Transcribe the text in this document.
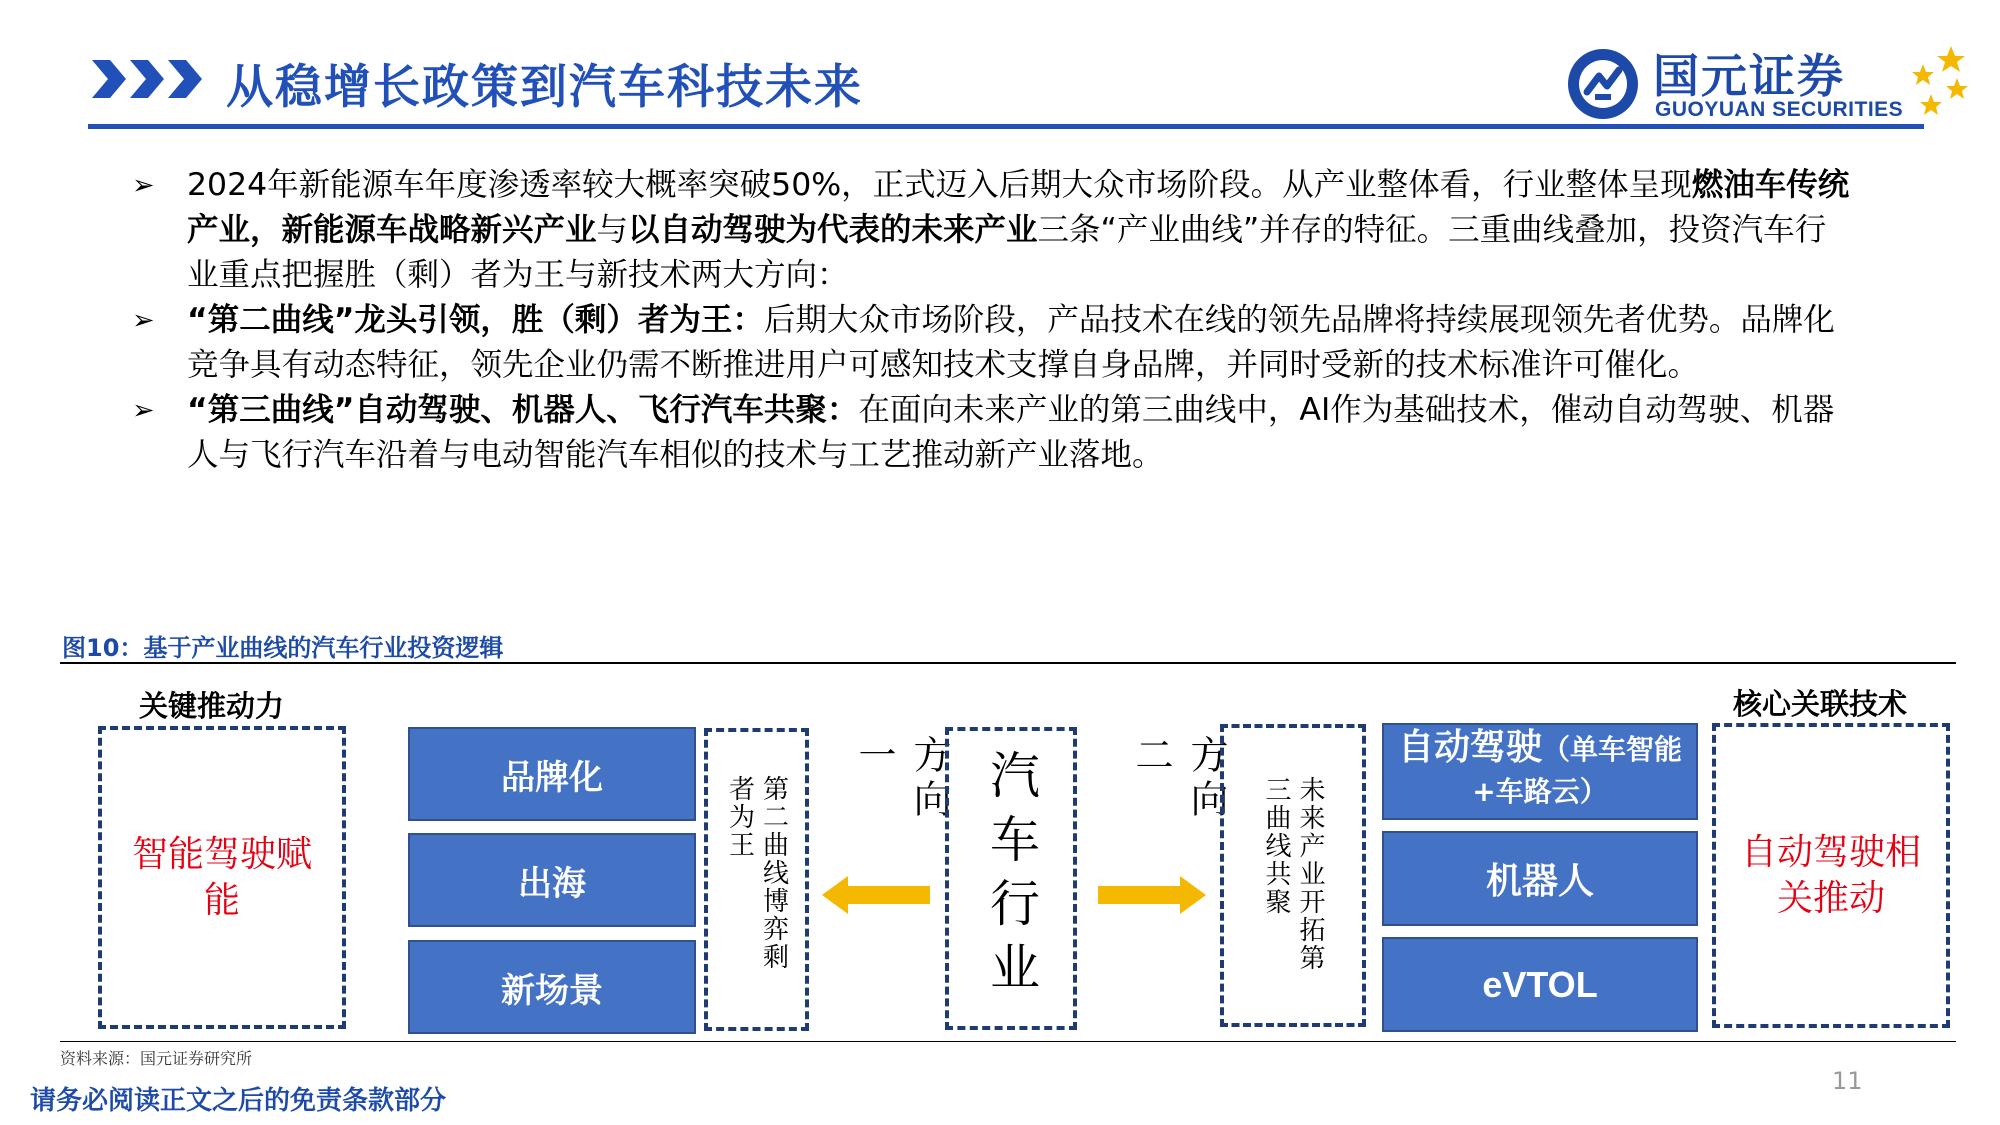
从稳增长政策到汽车科技未来	国元证券
GUOYUAN SECURITIES
➢ 2024年新能源车年度渗透率较大概率突破50%，正式迈入后期大众市场阶段。从产业整体看，行业整体呈现燃油车传统产业，新能源车战略新兴产业与以自动驾驶为代表的未来产业三条“产业曲线”并存的特征。三重曲线叠加，投资汽车行业重点把握胜（剩）者为王与新技术两大方向：
➢ “第二曲线”龙头引领，胜（剩）者为王：后期大众市场阶段，产品技术在线的领先品牌将持续展现领先者优势。品牌化竞争具有动态特征，领先企业仍需不断推进用户可感知技术支撑自身品牌，并同时受新的技术标准许可催化。
➢ “第三曲线”自动驾驶、机器人、飞行汽车共聚：在面向未来产业的第三曲线中，AI作为基础技术，催动自动驾驶、机器人与飞行汽车沿着与电动智能汽车相似的技术与工艺推动新产业落地。
图10：基于产业曲线的汽车行业投资逻辑
关键推动力
智能驾驶赋能
品牌化
出海
新场景
第二曲线博弈剩者为王	方向一	汽车行业	方向二
未来产业开拓第三曲线共聚
自动驾驶（单车智能+车路云）
机器人
eVTOL
核心关联技术
自动驾驶相关推动
资料来源：国元证券研究所
请务必阅读正文之后的免责条款部分
11
